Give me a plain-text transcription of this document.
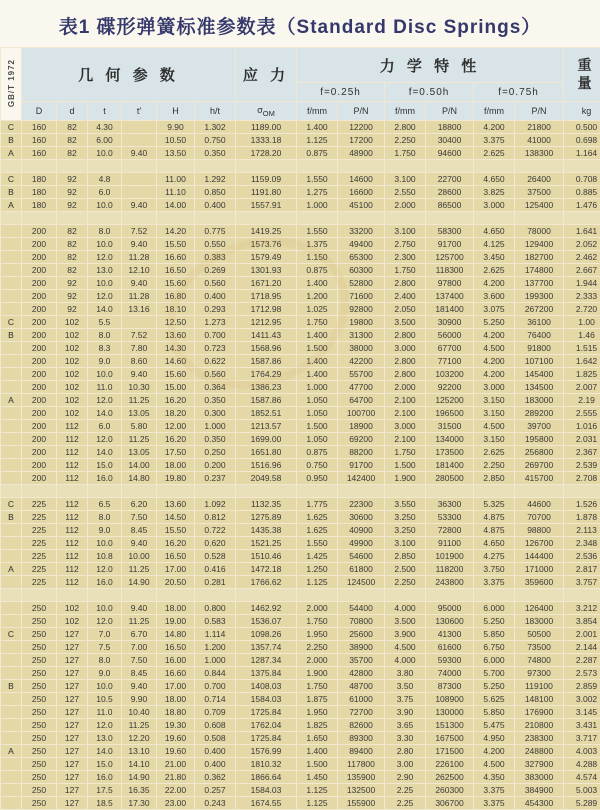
表1 碟形弹簧标准参数表（Standard Disc Springs）
GB/T 1972	几 何 参 数						应 力	力 学 特 性						重
量

								f=0.25h		f=0.50h		f=0.75h		
	D	d	t	t′	H	h/t	$\sigma_{OM}$	f/mm	P/N	f/mm	P/N	f/mm	P/N	kg
C	160	82	4.30		9.90	1.302	1189.00	1.400	12200	2.800	18800	4.200	21800	0.500
B	160	82	6.00		10.50	0.750	1333.18	1.125	17200	2.250	30400	3.375	41000	0.698
A	160	82	10.0	9.40	13.50	0.350	1728.20	0.875	48900	1.750	94600	2.625	138300	1.164

C	180	92	4.8		11.00	1.292	1159.09	1.550	14600	3.100	22700	4.650	26400	0.708
B	180	92	6.0		11.10	0.850	1191.80	1.275	16600	2.550	28600	3.825	37500	0.885
A	180	92	10.0	9.40	14.00	0.400	1557.91	1.000	45100	2.000	86500	3.000	125400	1.476

	200	82	8.0	7.52	14.20	0.775	1419.25	1.550	33200	3.100	58300	4.650	78000	1.641
	200	82	10.0	9.40	15.50	0.550	1573.76	1.375	49400	2.750	91700	4.125	129400	2.052
	200	82	12.0	11.28	16.60	0.383	1579.49	1.150	65300	2.300	125700	3.450	182700	2.462
	200	82	13.0	12.10	16.50	0.269	1301.93	0.875	60300	1.750	118300	2.625	174800	2.667
	200	92	10.0	9.40	15.60	0.560	1671.20	1.400	52800	2.800	97800	4.200	137700	1.944
	200	92	12.0	11.28	16.80	0.400	1718.95	1.200	71600	2.400	137400	3.600	199300	2.333
	200	92	14.0	13.16	18.10	0.293	1712.98	1.025	92800	2.050	181400	3.075	267200	2.720
C	200	102	5.5		12.50	1.273	1212.95	1.750	19800	3.500	30900	5.250	36100	1.00
B	200	102	8.0	7.52	13.60	0.700	1411.43	1.400	31300	2.800	56000	4.200	76400	1.46
	200	102	8.3	7.80	14.30	0.723	1568.96	1.500	38000	3.000	67700	4.500	91800	1.515
	200	102	9.0	8.60	14.60	0.622	1587.86	1.400	42200	2.800	77100	4.200	107100	1.642
	200	102	10.0	9.40	15.60	0.560	1764.29	1.400	55700	2.800	103200	4.200	145400	1.825
	200	102	11.0	10.30	15.00	0.364	1386.23	1.000	47700	2.000	92200	3.000	134500	2.007
A	200	102	12.0	11.25	16.20	0.350	1587.86	1.050	64700	2.100	125200	3.150	183000	2.19
	200	102	14.0	13.05	18.20	0.300	1852.51	1.050	100700	2.100	196500	3.150	289200	2.555
	200	112	6.0	5.80	12.00	1.000	1213.57	1.500	18900	3.000	31500	4.500	39700	1.016
	200	112	12.0	11.25	16.20	0.350	1699.00	1.050	69200	2.100	134000	3.150	195800	2.031
	200	112	14.0	13.05	17.50	0.250	1651.80	0.875	88200	1.750	173500	2.625	256800	2.367
	200	112	15.0	14.00	18.00	0.200	1516.96	0.750	91700	1.500	181400	2.250	269700	2.539
	200	112	16.0	14.80	19.80	0.237	2049.58	0.950	142400	1.900	280500	2.850	415700	2.708

C	225	112	6.5	6.20	13.60	1.092	1132.35	1.775	22300	3.550	36300	5.325	44600	1.526
B	225	112	8.0	7.50	14.50	0.812	1275.89	1.625	30600	3.250	53300	4.875	70700	1.878
	225	112	9.0	8.45	15.50	0.722	1435.38	1.625	40900	3.250	72800	4.875	98800	2.113
	225	112	10.0	9.40	16.20	0.620	1521.25	1.550	49900	3.100	91100	4.650	126700	2.348
	225	112	10.8	10.00	16.50	0.528	1510.46	1.425	54600	2.850	101900	4.275	144400	2.536
A	225	112	12.0	11.25	17.00	0.416	1472.18	1.250	61800	2.500	118200	3.750	171000	2.817
	225	112	16.0	14.90	20.50	0.281	1766.62	1.125	124500	2.250	243800	3.375	359600	3.757

	250	102	10.0	9.40	18.00	0.800	1462.92	2.000	54400	4.000	95000	6.000	126400	3.212
	250	102	12.0	11.25	19.00	0.583	1536.07	1.750	70800	3.500	130600	5.250	183000	3.854
C	250	127	7.0	6.70	14.80	1.114	1098.26	1.950	25600	3.900	41300	5.850	50500	2.001
	250	127	7.5	7.00	16.50	1.200	1357.74	2.250	38900	4.500	61600	6.750	73500	2.144
	250	127	8.0	7.50	16.00	1.000	1287.34	2.000	35700	4.000	59300	6.000	74800	2.287
	250	127	9.0	8.45	16.60	0.844	1375.84	1.900	42800	3.80	74000	5.700	97300	2.573
B	250	127	10.0	9.40	17.00	0.700	1408.03	1.750	48700	3.50	87300	5.250	119100	2.859
	250	127	10.5	9.90	18.00	0.714	1584.03	1.875	61000	3.75	108900	5.625	148100	3.002
	250	127	11.0	10.40	18.80	0.709	1725.84	1.950	72700	3.90	130000	5.850	176900	3.145
	250	127	12.0	11.25	19.30	0.608	1762.04	1.825	82600	3.65	151300	5.475	210800	3.431
	250	127	13.0	12.20	19.60	0.508	1725.84	1.650	89300	3.30	167500	4.950	238300	3.717
A	250	127	14.0	13.10	19.60	0.400	1576.99	1.400	89400	2.80	171500	4.200	248800	4.003
	250	127	15.0	14.10	21.00	0.400	1810.32	1.500	117800	3.00	226100	4.500	327900	4.288
	250	127	16.0	14.90	21.80	0.362	1866.64	1.450	135900	2.90	262500	4.350	383000	4.574
	250	127	17.5	16.35	22.00	0.257	1584.03	1.125	132500	2.25	260300	3.375	384900	5.003
	250	127	18.5	17.30	23.00	0.243	1674.55	1.125	155900	2.25	306700	3.375	454300	5.289
